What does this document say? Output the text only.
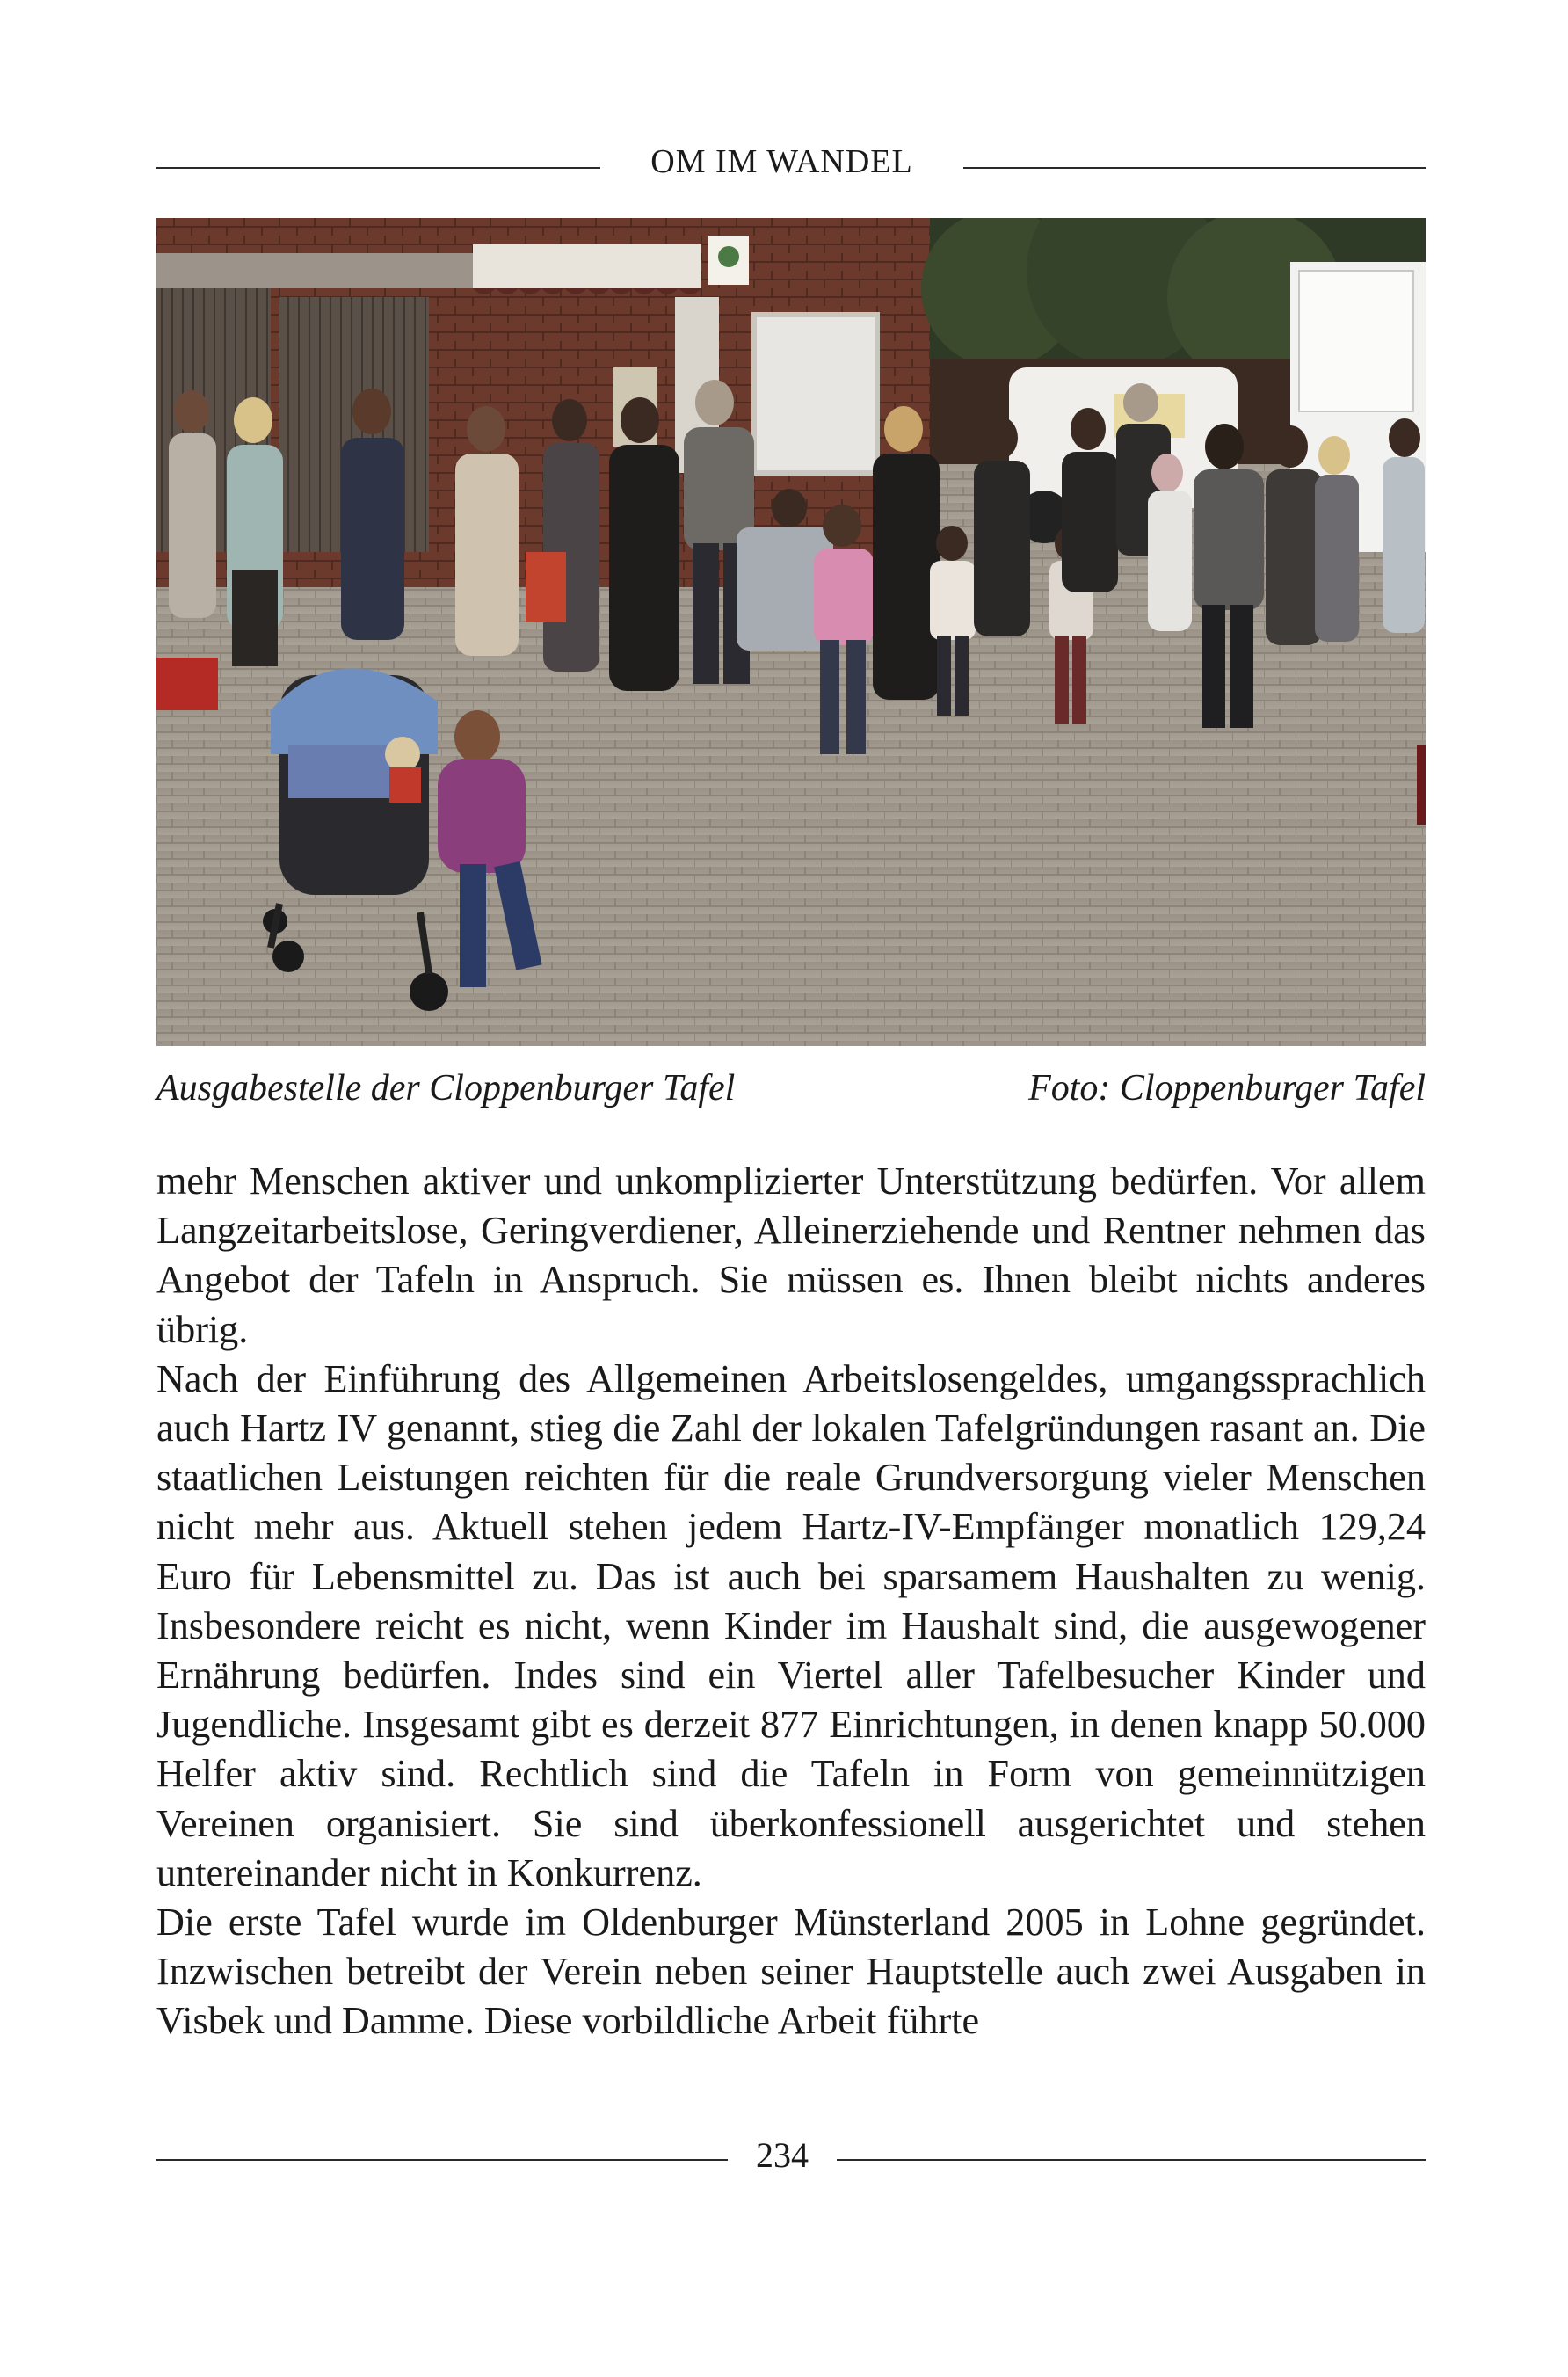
OM IM WANDEL
Ausgabestelle der Cloppenburger Tafel	Foto: Cloppenburger Tafel

mehr Menschen aktiver und unkomplizierter Unterstützung bedürfen. Vor allem Langzeitarbeitslose, Geringverdiener, Alleinerziehende und Rentner nehmen das Angebot der Tafeln in Anspruch. Sie müssen es. Ihnen bleibt nichts anderes übrig.

Nach der Einführung des Allgemeinen Arbeitslosengeldes, umgangssprachlich auch Hartz IV genannt, stieg die Zahl der lokalen Tafelgründungen rasant an. Die staatlichen Leistungen reichten für die reale Grundversorgung vieler Menschen nicht mehr aus. Aktuell stehen jedem Hartz-IV-Empfänger monatlich 129,24 Euro für Lebensmittel zu. Das ist auch bei sparsamem Haushalten zu wenig. Insbesondere reicht es nicht, wenn Kinder im Haushalt sind, die ausgewogener Ernährung bedürfen. Indes sind ein Viertel aller Tafelbesucher Kinder und Jugendliche. Insgesamt gibt es derzeit 877 Einrichtungen, in denen knapp 50.000 Helfer aktiv sind. Rechtlich sind die Tafeln in Form von gemeinnützigen Vereinen organisiert. Sie sind überkonfessionell ausgerichtet und stehen untereinander nicht in Konkurrenz.

Die erste Tafel wurde im Oldenburger Münsterland 2005 in Lohne gegründet. Inzwischen betreibt der Verein neben seiner Hauptstelle auch zwei Ausgaben in Visbek und Damme. Diese vorbildliche Arbeit führte

234
